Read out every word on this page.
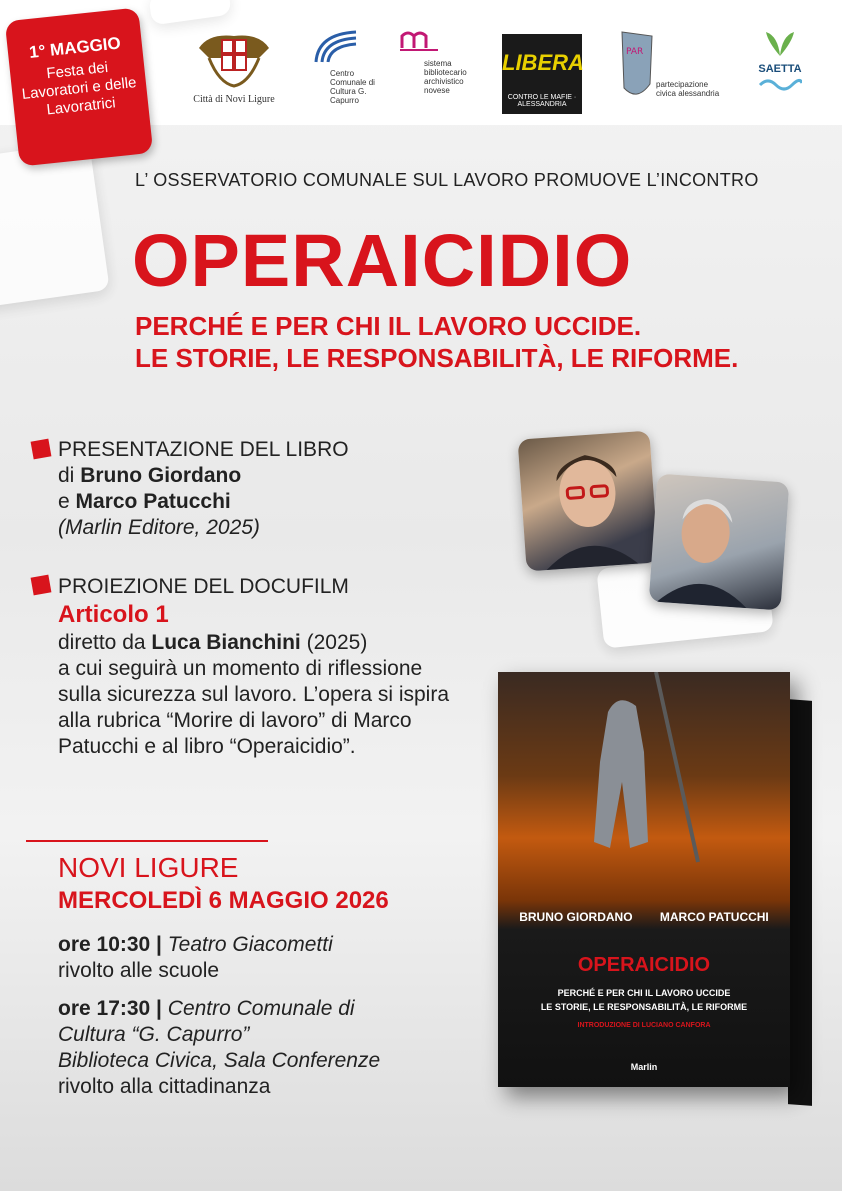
1° MAGGIO
Festa dei Lavoratori e delle Lavoratrici	Città di Novi Ligure
Centro Comunale di Cultura G. Capurro
sistema bibliotecario archivistico novese
LIBERA
CONTRO LE MAFIE · ALESSANDRIA
PAR
partecipazione civica alessandria
SAETTA
L’ OSSERVATORIO COMUNALE SUL LAVORO PROMUOVE L’INCONTRO
OPERAICIDIO
PERCHÉ E PER CHI IL LAVORO UCCIDE.
LE STORIE, LE RESPONSABILITÀ, LE RIFORME.
PRESENTAZIONE DEL LIBRO
di Bruno Giordano
e Marco Patucchi
(Marlin Editore, 2025)
PROIEZIONE DEL DOCUFILM
Articolo 1
diretto da Luca Bianchini (2025)
a cui seguirà un momento di riflessione sulla sicurezza sul lavoro. L’opera si ispira alla rubrica “Morire di lavoro” di Marco Patucchi e al libro “Operaicidio”.
NOVI LIGURE
MERCOLEDÌ 6 MAGGIO 2026
ore 10:30 | Teatro Giacometti
rivolto alle scuole
ore 17:30 | Centro Comunale di
Cultura “G. Capurro”
Biblioteca Civica, Sala Conferenze
rivolto alla cittadinanza
BRUNO GIORDANO MARCO PATUCCHI
OPERAICIDIO
PERCHÉ E PER CHI IL LAVORO UCCIDE
LE STORIE, LE RESPONSABILITÀ, LE RIFORME
INTRODUZIONE DI LUCIANO CANFORA
Marlin
